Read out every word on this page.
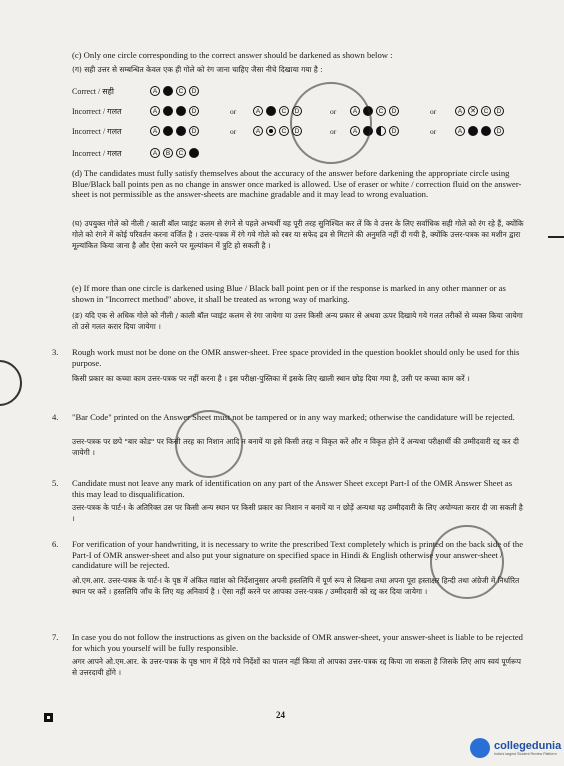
(c) Only one circle corresponding to the correct answer should be darkened as shown below :
(ग) सही उत्तर से सम्बन्धित केवल एक ही गोले को रंग जाना चाहिए जैसा नीचे दिखाया गया है :
Correct / सही	A	C	D
Incorrect / गलत	A	D	or	A	C	D	or	A	C	D	or	A
✕	C	D
Incorrect / गलत	A	D	or	A	C	D	or	A	D	or	A	D
Incorrect / गलत	A	B	C
(d) The candidates must fully satisfy themselves about the accuracy of the answer before darkening the appropriate circle using Blue/Black ball points pen as no change in answer once marked is allowed. Use of eraser or white / correction fluid on the answer-sheet is not permissible as the answer-sheets are machine gradable and it may lead to wrong evaluation.
(घ) उपयुक्त गोले को नीली / काली बॉल प्वाइंट कलम से रंगने से पहले अभ्यर्थी यह पूरी तरह सुनिश्चित कर लें कि वे उत्तर के लिए सर्वाधिक सही गोले को रंग रहे हैं, क्योंकि गोले को रंगने में कोई परिवर्तन करना वर्जित है । उत्तर-पत्रक में रंगे गये गोले को रबर या सफेद द्रव से मिटाने की अनुमति नहीं दी गयी है, क्योंकि उत्तर-पत्रक का मशीन द्वारा मूल्यांकित किया जाना है और ऐसा करने पर मूल्यांकन में त्रुटि हो सकती है ।
(e) If more than one circle is darkened using Blue / Black ball point pen or if the response is marked in any other manner or as shown in "Incorrect method" above, it shall be treated as wrong way of marking.
(ङ) यदि एक से अधिक गोले को नीली / काली बॉल प्वाइंट कलम से रंगा जायेगा या उत्तर किसी अन्य प्रकार से अथवा ऊपर दिखाये गये गलत तरीकों से व्यक्त किया जायेगा तो उसे गलत करार दिया जायेगा ।
3. Rough work must not be done on the OMR answer-sheet. Free space provided in the question booklet should only be used for this purpose.
किसी प्रकार का कच्चा काम उत्तर-पत्रक पर नहीं करना है । इस परीक्षा-पुस्तिका में इसके लिए खाली स्थान छोड़ दिया गया है, उसी पर कच्चा काम करें ।
4. "Bar Code" printed on the Answer Sheet must not be tampered or in any way marked; otherwise the candidature will be rejected.
उत्तर-पत्रक पर छपे "बार कोड" पर किसी तरह का निशान आदि न बनायें या इसे किसी तरह न विकृत करें और न विकृत होने दें अन्यथा परीक्षार्थी की उम्मीदवारी रद्द कर दी जायेगी ।
5. Candidate must not leave any mark of identification on any part of the Answer Sheet except Part-I of the OMR Answer Sheet as this may lead to disqualification.
उत्तर-पत्रक के पार्ट-I के अतिरिक्त उस पर किसी अन्य स्थान पर किसी प्रकार का निशान न बनायें या न छोड़ें अन्यथा यह उम्मीदवारी के लिए अयोग्यता करार दी जा सकती है ।
6. For verification of your handwriting, it is necessary to write the prescribed Text completely which is printed on the back side of the Part-I of OMR answer-sheet and also put your signature on specified space in Hindi & English otherwise your answer-sheet / candidature will be rejected.
ओ.एम.आर. उत्तर-पत्रक के पार्ट-I के पृष्ठ में अंकित गद्यांश को निर्देशानुसार अपनी हस्तलिपि में पूर्ण रूप से लिखना तथा अपना पूरा हस्ताक्षर हिन्दी तथा अंग्रेजी में निर्धारित स्थान पर करें । हस्तलिपि जाँच के लिए यह अनिवार्य है । ऐसा नहीं करने पर आपका उत्तर-पत्रक / उम्मीदवारी को रद्द कर दिया जायेगा ।
7. In case you do not follow the instructions as given on the backside of OMR answer-sheet, your answer-sheet is liable to be rejected for which you yourself will be fully responsible.
अगर आपने ओ.एम.आर. के उत्तर-पत्रक के पृष्ठ भाग में दिये गये निर्देशों का पालन नहीं किया तो आपका उत्तर-पत्रक रद्द किया जा सकता है जिसके लिए आप स्वयं पूर्णरूप से उत्तरदायी होंगे ।
24
collegedunia
India's largest Student Review Platform
